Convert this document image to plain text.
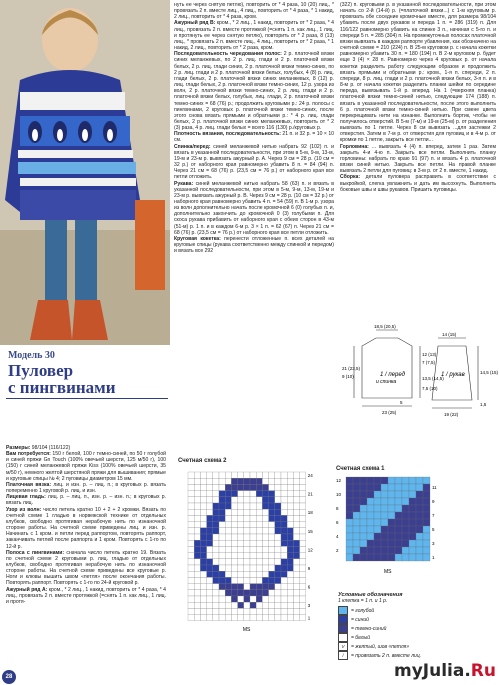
Модель 30
Пуловер
с пингвинами

Размеры: 98/104 (116/122)

Вам потребуется: 150 г белой, 100 г темно-синей, по 50 г голубой и синей пряжи Gn Touch (100% овечьей шерсти, 125 м/50 г), 100 (150) г синей меланжевой пряжи Kiss (100% овечьей шерсти, 35 м/50 г), немного желтой шерстяной пряжи для вышивания; прямые и круговые спицы № 4; 2 пуговицы диаметром 15 мм.

Платочная вязка: лиц. и изн. р. – лиц. п.; в круговых р. вязать попеременно 1 круговой р. лиц. и изн.

Лицевая гладь: лиц. р. – лиц. п., изн. р. – изн. п.; в круговых р. вязать лиц.

Узор из волн: число петель кратно 10 + 2 + 2 кромки. Вязать по счетной схеме 1 гладью в норвежской технике от отдельных клубков, свободно протягивая нерабочую нить по изнаночной стороне работы. На счетной схеме приведены лиц. и изн. р. Начинать с 1 кром. и петли перед раппортом, повторять раппорт, заканчивать петлей после раппорта и 1 кром. Повторять с 1-го по 12-й р.

Полоса с пингвинами: сначала число петель кратно 19. Вязать по счетной схеме 2 круговыми р. лиц. гладью от отдельных клубков, свободно протягивая нерабочую нить по изнаночной стороне работы. На счетной схеме приведены все круговые р. Ноги и клювы вышить швом «петля» после окончания работы. Повторять раппорт. Повторять с 1-го по 24-й круговой р.

Ажурный ряд А: кром., * 2 лиц., 1 накид, повторить от * 4 раза, * 4 лиц., провязать 2 п. вместе протяжкой (=снять 1 п. как лиц., 1 лиц. и протя-

нуть ее через снятую петлю), повторить от * 4 раза, 10 (20) лиц., * провязать 2 п. вместе лиц., 4 лиц., повторить от * 4 раза, * 1 накид, 2 лиц., повторить от * 4 раза, кром.

Ажурный ряд В: кром., * 2 лиц., 1 накид, повторить от * 2 раза, * 4 лиц., провязать 2 п. вместе протяжкой (=снять 1 п. как лиц., 1 лиц. и протянуть ее через снятую петлю), повторить от * 2 раза, 8 (13) лиц., * провязать 2 п. вместе лиц., 4 лиц., повторить от * 2 раза, * 1 накид, 2 лиц., повторить от * 2 раза, кром.

Последовательность чередования полос: 2 р. платочной вязки синих меланжевых, по 2 р. лиц. глади и 2 р. платочной вязки белых, 2 р. лиц. глади синих, 2 р. платочной вязки темно-синих, по 2 р. лиц. глади и 2 р. платочной вязки белых, голубых, 4 (8) р. лиц. глади белых, 2 р. платочной вязки синих меланжевых, 8 (12) р. лиц. глади белых, 2 р. платочной вязки темно-синих, 12 р. узора из волн, 2 р. платочной вязки темно-синих, 2 р. лиц. глади и 2 р. платочной вязки белых, голубых, лиц. глади, 2 р. платочной вязки темно-синих = 68 (76) р.; продолжить круговыми р.: 24 р. полосы с пингвинами, 2 круговых р. платочной вязки темно-синих, после этого снова вязать прямыми и обратными р.: * 4 р. лиц. глади белых, 2 р. платочной вязки синих меланжевых, повторить от * 2 (3) раза, 4 р. лиц. глади белых = всего 116 (130) р./круговых р.

Плотность вязания, последовательность: 21 п. и 32 р. = 10 × 10 см.

Спинка/перед: синей меланжевой нитью набрать 92 (102) п. и вязать в указанной последовательности, при этом в 5-м, 9-м, 13-м, 19-м и 23-м р. вывязать ажурный р. А. Через 9 см = 28 р. (10 см = 32 р.) от наборного края равномерно убавить 8 п. = 84 (94) п. Через 21 см = 68 (76) р. (23,5 см = 76 р.) от наборного края все петли отложить.

Рукава: синей меланжевой нитью набрать 58 (63) п. и вязать в указанной последовательности, при этом в 5-м, 9-м, 13-м, 19-м и 23-м р. вывязать ажурный р. В. Через 9 см = 28 р. (10 см = 32 р.) от наборного края равномерно убавить 4 п. = 54 (59) п. В 1-м р. узора из волн дополнительно начать после кромочной 6 (0) голубых п. и, дополнительно закончить до кромочной 0 (3) голубыми п. Для скоса рукава прибавить от наборного края с обеих сторон в 43-м (51-м) р. 1 п. и в каждом 6-м р. 3 × 1 п. = 62 (67) п. Через 21 см = 68 (76) р. (23,5 см = 76 р.) от наборного края все петли отложить.

Круговая кокетка: перенести отложенные п. всех деталей на круговые спицы (рукава соответственно между спинкой и передом) и вязать все 292

(322) п. круговыми р. в указанной последовательности, при этом начать со 2-й (14-й) р. (=платочной вязки...) с 1-м круговым р. провязать обе соседние кромочные вместе, для размера 98/104 убавить после двух рукавов и переда 1 п. = 286 (319) п. Для 116/122 равномерно убавить на спинке 3 п., начиная с 5-го п. и спереди 5 п. = 285 (304) п. На промежуточных полосах платочной вязки вывязать в каждом раппорте убавления, как обозначено на счетной схеме = 210 (224) п. В 25-м круговом р. с начала кокетки равномерно убавить 30 п. = 180 (194) п. В 2-м круговом р. будет еще 3 (4) × 28 п. Равномерно через 4 круговых р. от начала кокетки разделить работу следующим образом и продолжить вязать прямыми и обратными р.: кром., 1-я п. спереди, 2 п. спереди, 8 р. лиц. глади и 2 р. платочной вязки белых, 3-я п. и в 8-м р. от начала кокетки разделить планки шейки по середине переда, вывязывать 1-й р. вперед. На 1 (=верхняя планка) платочной вязки темно-синей нитью, следующие 174 (188) п. вязать в указанной последовательности, после этого выполнить 6 р. платочной вязки темно-синей нитью. При смене цвета перекрещивать нити на изнанке. Выполнить бортик, чтобы не получилось отверстий. В 5-м (7-м) и 19-м (25-м) р. от разделения вывязать по 1 петле. Через 8 см вывязать ...для застежки 2 отверстия. Затем в 7-м р. от отверстия для пуговиц и в 4-м р. от кромки по 1 петле, закрыть все петли...

Горловина: ... вывязать 4 (4) п. вперед, затем 1 раз. Затем закрыть 4-и 4-ю п. Закрыть все петли. Выполнить планку горловины: набрать по краю 91 (97) п. и вязать 4 р. платочной вязки синей нитью. Закрыть все петли. На правой планке вывязать 2 петли для пуговиц: в 3-м р. от 2 п. вместе, 1 накид.

Сборка: детали пуловера расправить в соответствии с выкройкой, слегка увлажнить и дать им высохнуть. Выполнить боковые швы и швы рукавов. Пришить пуговицы.

1 / перед
и спинка
1 / рукав
18,5 (20,5)
14 (15)
21 (23,5)
9 (10)
12 (13)
7 (7,5)
13,5 (14,5)
7,5 (10)
23 (25)	19 (22)
14,5 (15)
5	1,5
Счетная схема 2
24
21
18
15
12
9
6
3
1
MS
Счетная схема 1
11
9
7
5
3
1
12
10
8
6
4
2
MS
Условные обозначения
1 клетка = 1 п. и 1 р.
= голубой
= синий
= темно-синий
= белый
V	= желтый, шов «петля»
/	= провязать 2 п. вместе лиц.
28	myJulia.Ru
